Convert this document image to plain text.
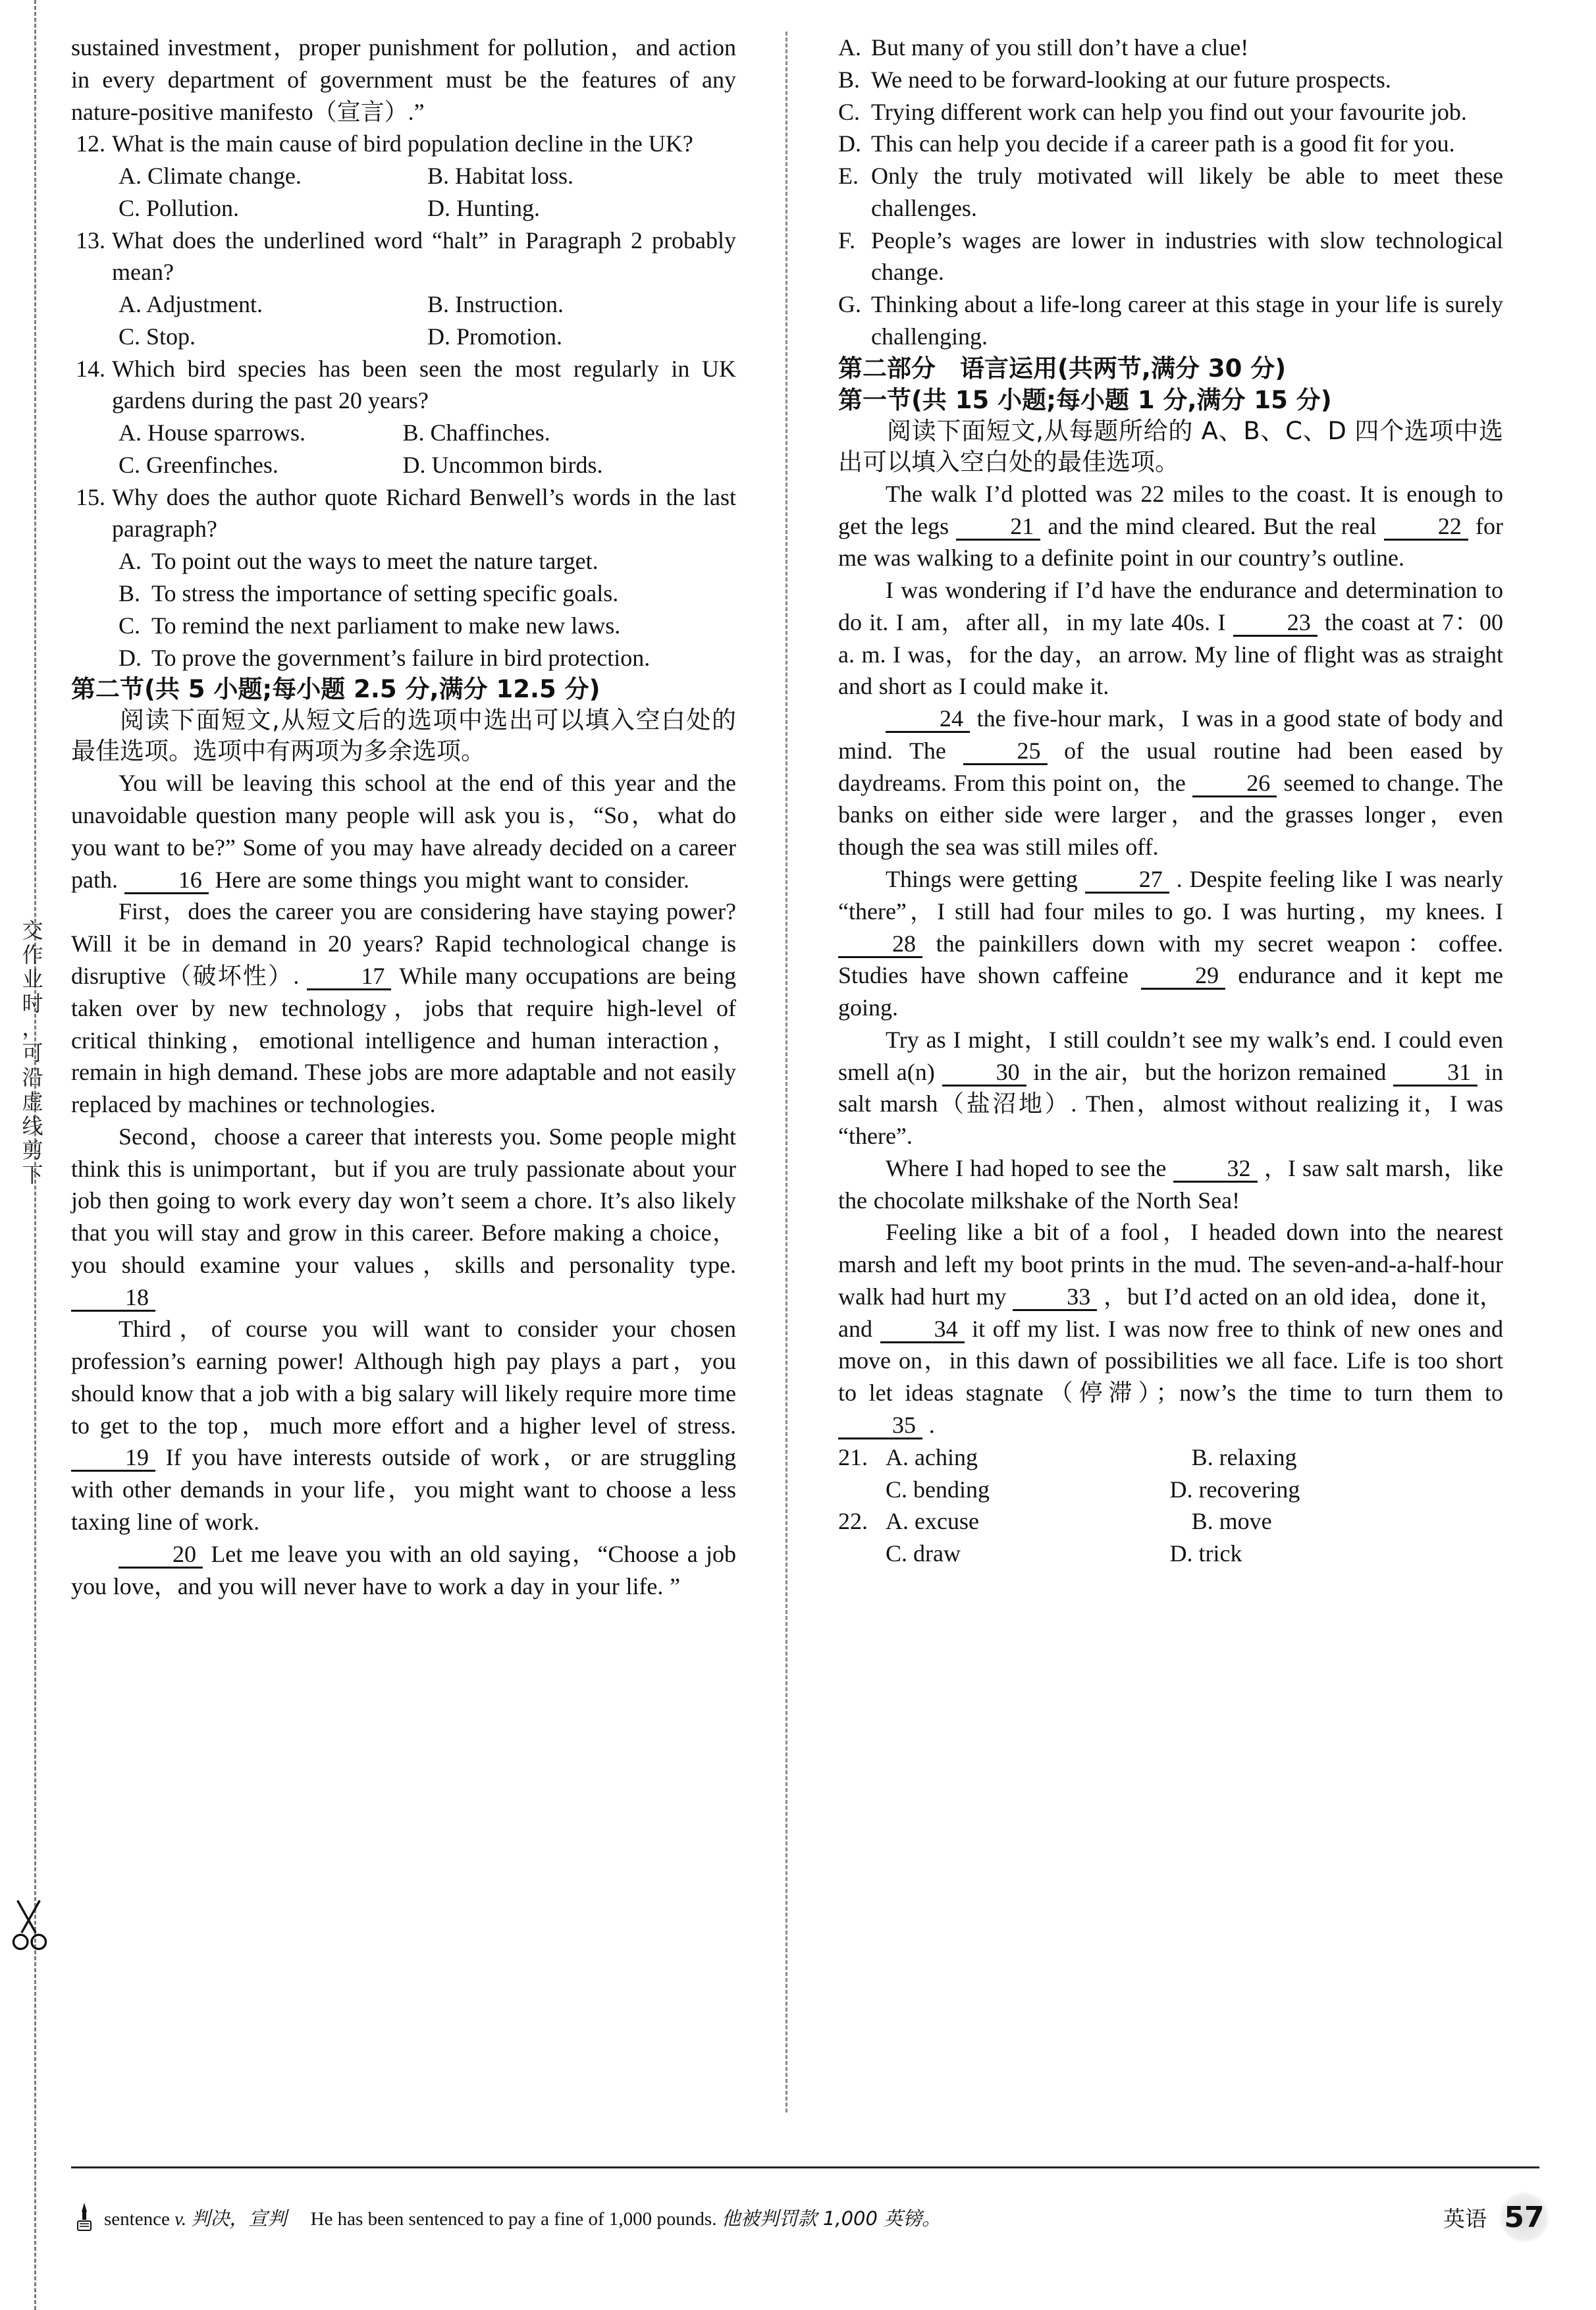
交
作
业
时
，
可
沿
虚
线
剪
下

sustained investment，proper punishment for pollution，and action in every department of government must be the features of any nature-positive manifesto（宣言）.”

12. What is the main cause of bird population decline in the UK?
A. Climate change.	B. Habitat loss.
C. Pollution.	D. Hunting.
13. What does the underlined word “halt” in Paragraph 2 probably mean?
A. Adjustment.	B. Instruction.
C. Stop.	D. Promotion.
14. Which bird species has been seen the most regularly in UK gardens during the past 20 years?
A. House sparrows.	B. Chaffinches.
C. Greenfinches.	D. Uncommon birds.
15. Why does the author quote Richard Benwell’s words in the last paragraph?
A. To point out the ways to meet the nature target.
B. To stress the importance of setting specific goals.
C. To remind the next parliament to make new laws.
D. To prove the government’s failure in bird protection.
第二节(共 5 小题;每小题 2.5 分,满分 12.5 分)
阅读下面短文,从短文后的选项中选出可以填入空白处的最佳选项。选项中有两项为多余选项。

You will be leaving this school at the end of this year and the unavoidable question many people will ask you is，“So，what do you want to be?” Some of you may have already decided on a career path. 16 Here are some things you might want to consider.

First，does the career you are considering have staying power? Will it be in demand in 20 years? Rapid technological change is disruptive（破坏性）. 17 While many occupations are being taken over by new technology，jobs that require high-level of critical thinking，emotional intelligence and human interaction，remain in high demand. These jobs are more adaptable and not easily replaced by machines or technologies.

Second，choose a career that interests you. Some people might think this is unimportant，but if you are truly passionate about your job then going to work every day won’t seem a chore. It’s also likely that you will stay and grow in this career. Before making a choice，you should examine your values，skills and personality type. 18

Third，of course you will want to consider your chosen profession’s earning power! Although high pay plays a part，you should know that a job with a big salary will likely require more time to get to the top，much more effort and a higher level of stress. 19 If you have interests outside of work，or are struggling with other demands in your life，you might want to choose a less taxing line of work.

20 Let me leave you with an old saying，“Choose a job you love，and you will never have to work a day in your life. ”

A. But many of you still don’t have a clue!
B. We need to be forward-looking at our future prospects.
C. Trying different work can help you find out your favourite job.
D. This can help you decide if a career path is a good fit for you.
E. Only the truly motivated will likely be able to meet these challenges.
F. People’s wages are lower in industries with slow technological change.
G. Thinking about a life-long career at this stage in your life is surely challenging.
第二部分　语言运用(共两节,满分 30 分)
第一节(共 15 小题;每小题 1 分,满分 15 分)
阅读下面短文,从每题所给的 A、B、C、D 四个选项中选出可以填入空白处的最佳选项。

The walk I’d plotted was 22 miles to the coast. It is enough to get the legs 21 and the mind cleared. But the real 22 for me was walking to a definite point in our country’s outline.

I was wondering if I’d have the endurance and determination to do it. I am，after all，in my late 40s. I 23 the coast at 7：00 a. m. I was，for the day，an arrow. My line of flight was as straight and short as I could make it.

24 the five-hour mark，I was in a good state of body and mind. The 25 of the usual routine had been eased by daydreams. From this point on，the 26 seemed to change. The banks on either side were larger，and the grasses longer，even though the sea was still miles off.

Things were getting 27 . Despite feeling like I was nearly “there”，I still had four miles to go. I was hurting，my knees. I 28 the painkillers down with my secret weapon：coffee. Studies have shown caffeine 29 endurance and it kept me going.

Try as I might，I still couldn’t see my walk’s end. I could even smell a(n) 30 in the air，but the horizon remained 31 in salt marsh（盐沼地）. Then，almost without realizing it，I was “there”.

Where I had hoped to see the 32 ，I saw salt marsh，like the chocolate milkshake of the North Sea!

Feeling like a bit of a fool，I headed down into the nearest marsh and left my boot prints in the mud. The seven-and-a-half-hour walk had hurt my 33 ，but I’d acted on an old idea，done it，and 34 it off my list. I was now free to think of new ones and move on，in this dawn of possibilities we all face. Life is too short to let ideas stagnate（停滞）；now’s the time to turn them to 35 .

21. A. aching	B. relaxing
C. bending	D. recovering
22. A. excuse	B. move
C. draw	D. trick
sentence v. 判决，宣判 He has been sentenced to pay a fine of 1,000 pounds. 他被判罚款 1,000 英镑。	英语 57
